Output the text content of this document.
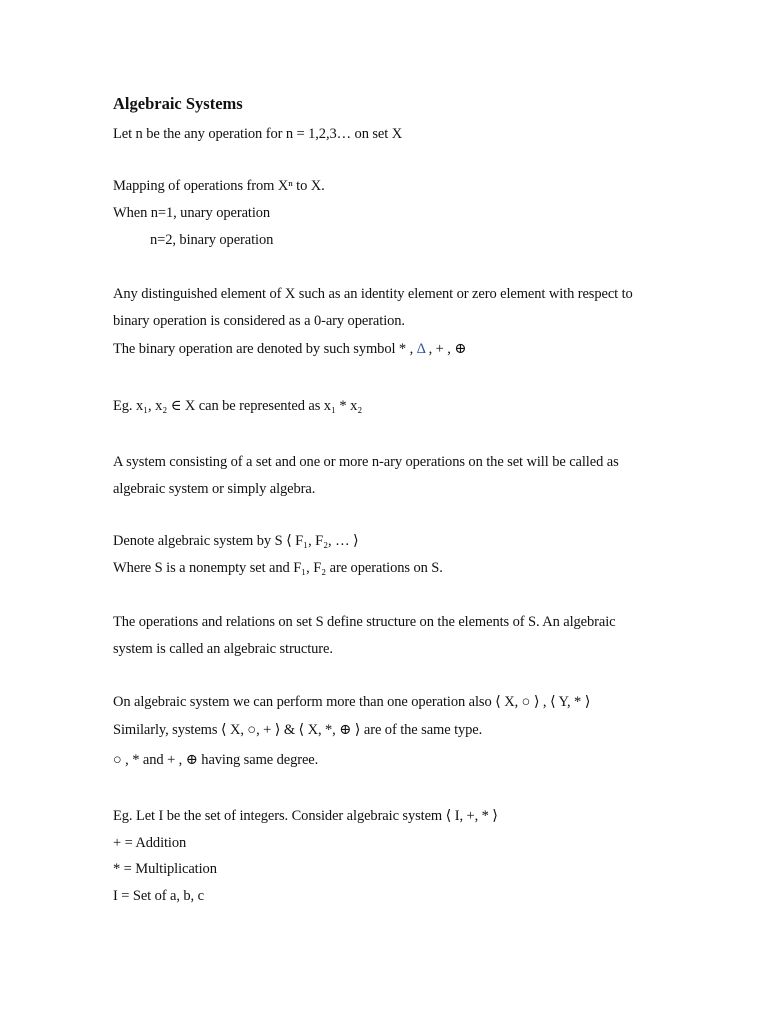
Algebraic Systems
Let n be the any operation for n = 1,2,3… on set X
Mapping of operations from Xⁿ to X.
When n=1, unary operation
n=2, binary operation
Any distinguished element of X such as an identity element or zero element with respect to
binary operation is considered as a 0-ary operation.
The binary operation are denoted by such symbol * , Δ , + , ⊕
Eg. x₁, x₂ ∈ X can be represented as x₁ * x₂
A system consisting of a set and one or more n-ary operations on the set will be called as
algebraic system or simply algebra.
Denote algebraic system by S ⟨ F₁, F₂, … ⟩
Where S is a nonempty set and F₁, F₂ are operations on S.
The operations and relations on set S define structure on the elements of S. An algebraic
system is called an algebraic structure.
On algebraic system we can perform more than one operation also ⟨ X, ○ ⟩ , ⟨ Y, * ⟩
Similarly, systems ⟨ X, ○, + ⟩ & ⟨ X, *, ⊕ ⟩ are of the same type.
○ , * and + , ⊕ having same degree.
Eg. Let I be the set of integers. Consider algebraic system ⟨ I, +, * ⟩
+ = Addition
* = Multiplication
I = Set of a, b, c
